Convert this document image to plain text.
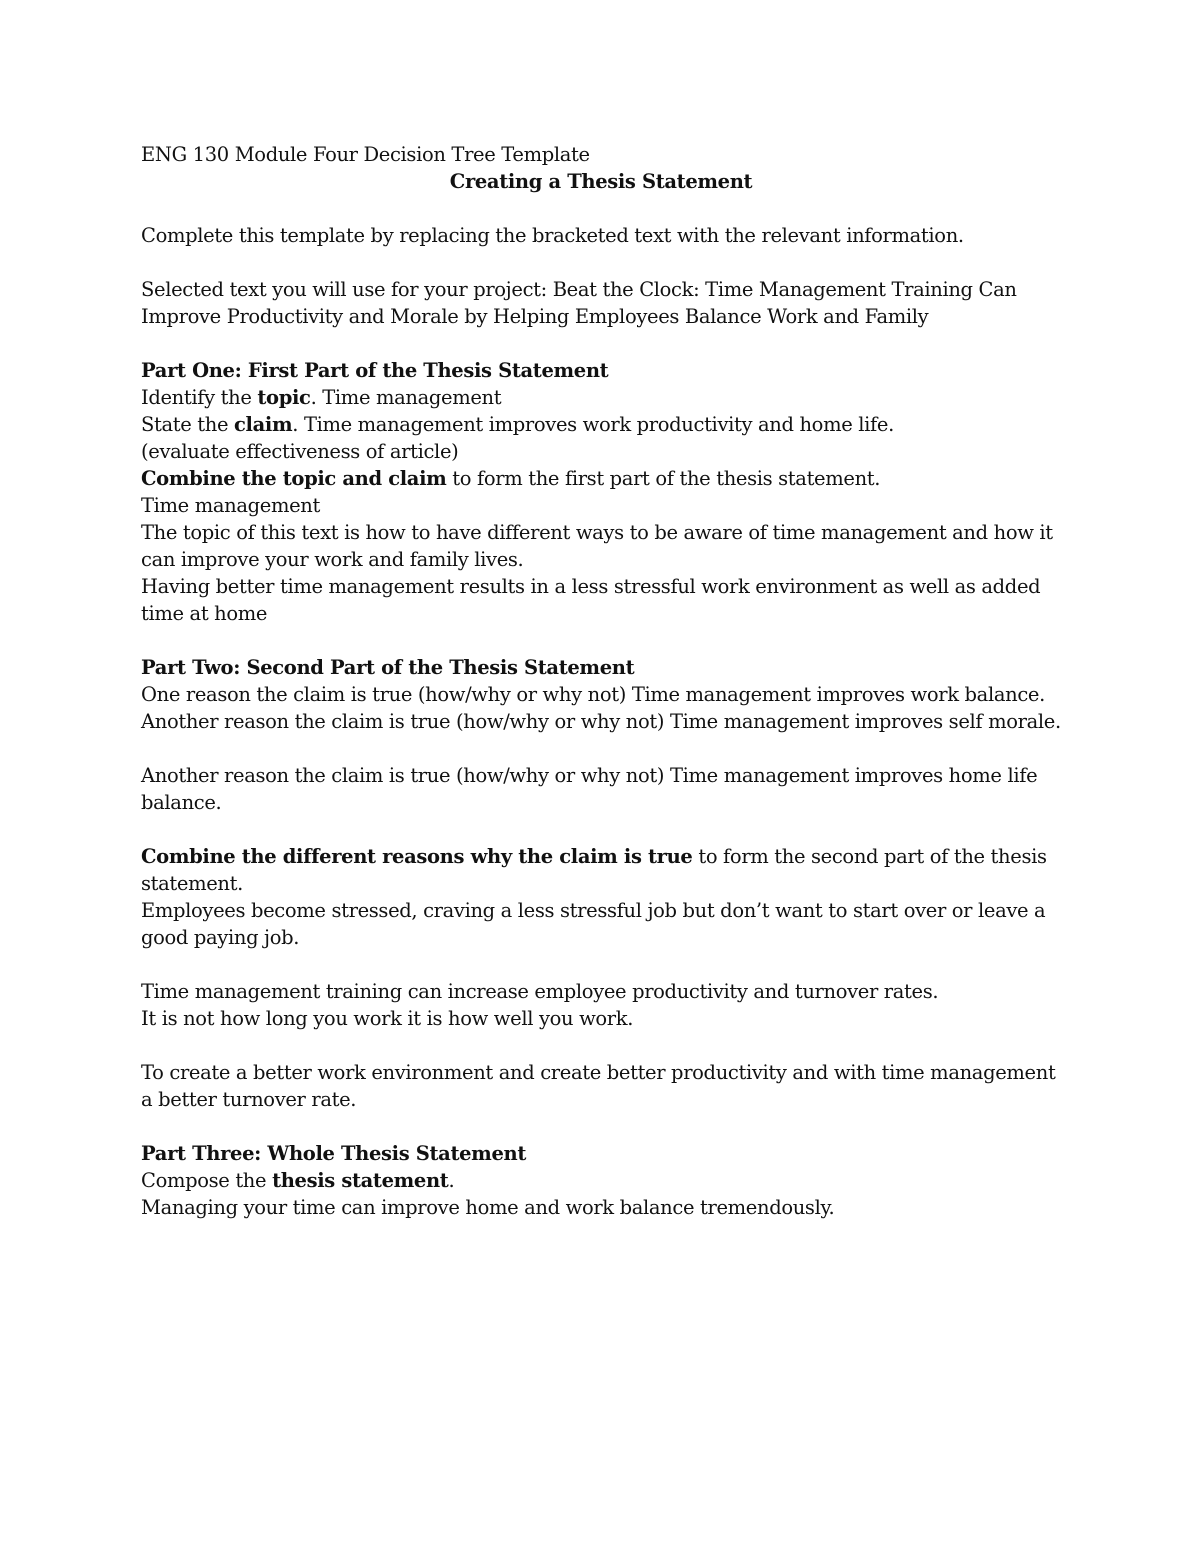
ENG 130 Module Four Decision Tree Template
Creating a Thesis Statement
Complete this template by replacing the bracketed text with the relevant information.
Selected text you will use for your project: Beat the Clock: Time Management Training Can Improve Productivity and Morale by Helping Employees Balance Work and Family
Part One: First Part of the Thesis Statement
Identify the topic. Time management
State the claim. Time management improves work productivity and home life.
(evaluate effectiveness of article)
Combine the topic and claim to form the first part of the thesis statement.
Time management
The topic of this text is how to have different ways to be aware of time management and how it can improve your work and family lives.
Having better time management results in a less stressful work environment as well as added time at home
Part Two: Second Part of the Thesis Statement
One reason the claim is true (how/why or why not) Time management improves work balance.
Another reason the claim is true (how/why or why not) Time management improves self morale.
Another reason the claim is true (how/why or why not) Time management improves home life balance.
Combine the different reasons why the claim is true to form the second part of the thesis statement.
Employees become stressed, craving a less stressful job but don’t want to start over or leave a good paying job.
Time management training can increase employee productivity and turnover rates.
It is not how long you work it is how well you work.
To create a better work environment and create better productivity and with time management a better turnover rate.
Part Three: Whole Thesis Statement
Compose the thesis statement.
Managing your time can improve home and work balance tremendously.
